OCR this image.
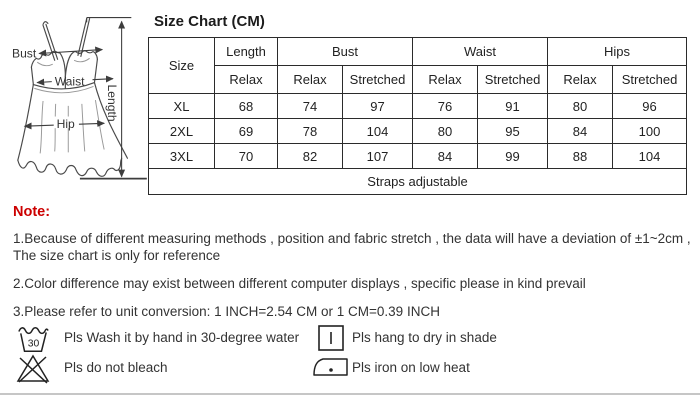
Bust
Waist
Hip
Length
Size Chart (CM)
Size	Length	Bust		Waist		Hips	
	Relax	Relax	Stretched	Relax	Stretched	Relax	Stretched
XL	68	74	97	76	91	80	96
2XL	69	78	104	80	95	84	100
3XL	70	82	107	84	99	88	104
Straps adjustable							
Note:

1.Because of different measuring methods , position and fabric stretch , the data will have a deviation of ±1~2cm , The size chart is only for reference

2.Color difference may exist between different computer displays , specific please in kind prevail

3.Please refer to unit conversion: 1 INCH=2.54 CM or 1 CM=0.39 INCH

30 Pls Wash it by hand in 30-degree water	Pls hang to dry in shade
Pls do not bleach	Pls iron on low heat
